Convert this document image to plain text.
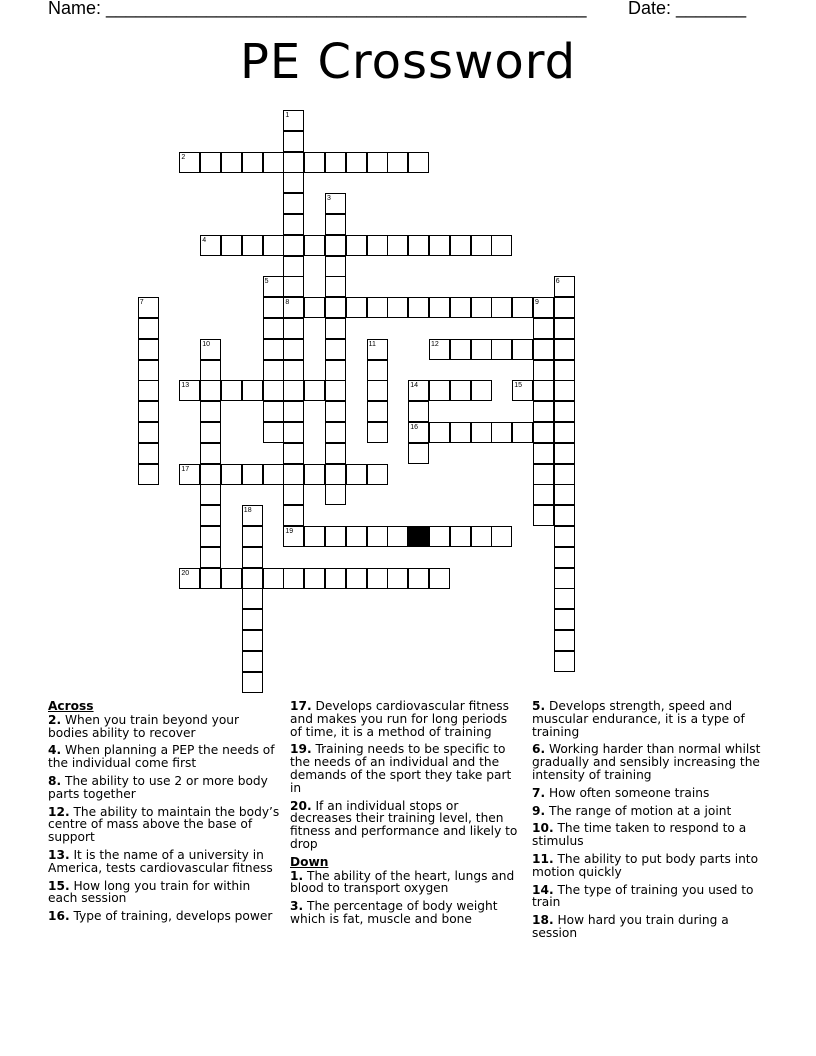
Name: ________________________________________________ Date: _______
PE Crossword
1
2
3
4
5	6
7	8	9
10	11	12
13	14	15
16
17
18
19
20
Across
2. When you train beyond your bodies ability to recover
4. When planning a PEP the needs of the individual come first
8. The ability to use 2 or more body parts together
12. The ability to maintain the body’s centre of mass above the base of support
13. It is the name of a university in America, tests cardiovascular fitness
15. How long you train for within each session
16. Type of training, develops power
17. Develops cardiovascular fitness and makes you run for long periods of time, it is a method of training
19. Training needs to be specific to the needs of an individual and the demands of the sport they take part in
20. If an individual stops or decreases their training level, then fitness and performance and likely to drop
Down
1. The ability of the heart, lungs and blood to transport oxygen
3. The percentage of body weight which is fat, muscle and bone
5. Develops strength, speed and muscular endurance, it is a type of training
6. Working harder than normal whilst gradually and sensibly increasing the intensity of training
7. How often someone trains
9. The range of motion at a joint
10. The time taken to respond to a stimulus
11. The ability to put body parts into motion quickly
14. The type of training you used to train
18. How hard you train during a session
